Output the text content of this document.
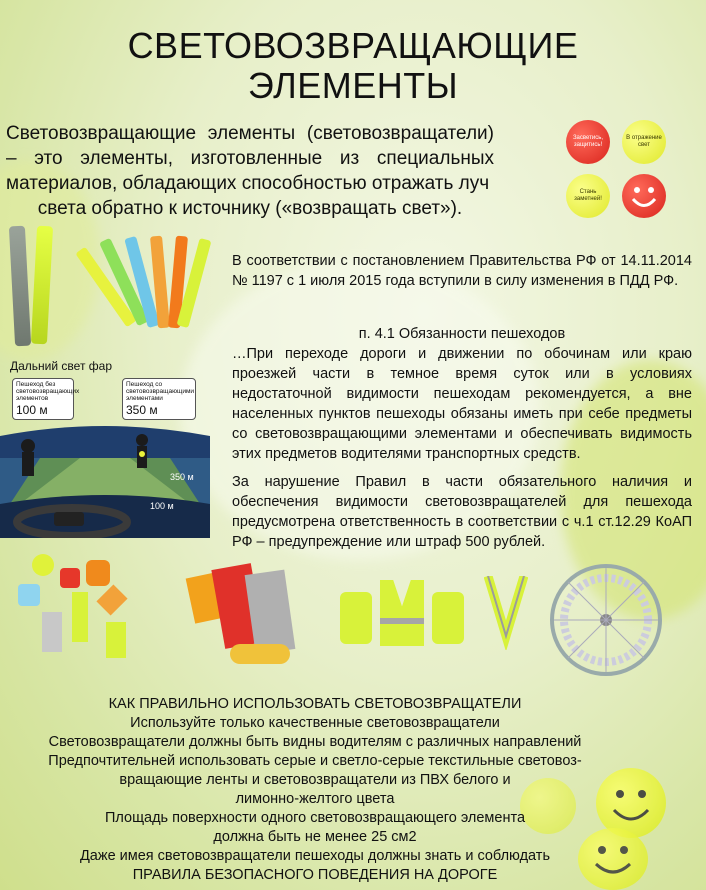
СВЕТОВОЗВРАЩАЮЩИЕ
ЭЛЕМЕНТЫ
Световозвращающие элементы (световозвращатели) – это элементы, изготовленные из специальных материалов, обладающих способностью отражать луч
света обратно к источнику («возвращать свет»).
Засветись, защитись!
В отражение свет
Стань заметней!
В соответствии с постановлением Правительства РФ от 14.11.2014 № 1197 с 1 июля 2015 года вступили в силу изменения в ПДД РФ.
п. 4.1 Обязанности пешеходов
…При переходе дороги и движении по обочинам или краю проезжей части в темное время суток или в условиях недостаточной видимости пешеходам рекомендуется, а вне населенных пунктов пешеходы обязаны иметь при себе предметы со световозвращающими элементами и обеспечивать видимость этих предметов водителями транспортных средств.
За нарушение Правил в части обязательного наличия и обеспечения видимости световозвращателей для пешехода предусмотрена ответственность в соответствии с ч.1 ст.12.29 КоАП РФ – предупреждение или штраф 500 рублей.
Дальний свет фар
Пешеход без световозвращающих элементов
100 м
Пешеход со световозвращающими элементами
350 м
350 м
100 м
КАК ПРАВИЛЬНО ИСПОЛЬЗОВАТЬ СВЕТОВОЗВРАЩАТЕЛИ
Используйте только качественные световозвращатели
Световозвращатели должны быть видны водителям с различных направлений
Предпочтительней использовать серые и светло-серые текстильные световоз-
вращающие ленты и световозвращатели из ПВХ белого и
лимонно-желтого цвета
Площадь поверхности одного световозвращающего элемента
должна быть не менее 25 см2
Даже имея световозвращатели пешеходы должны знать и соблюдать
ПРАВИЛА БЕЗОПАСНОГО ПОВЕДЕНИЯ НА ДОРОГЕ
